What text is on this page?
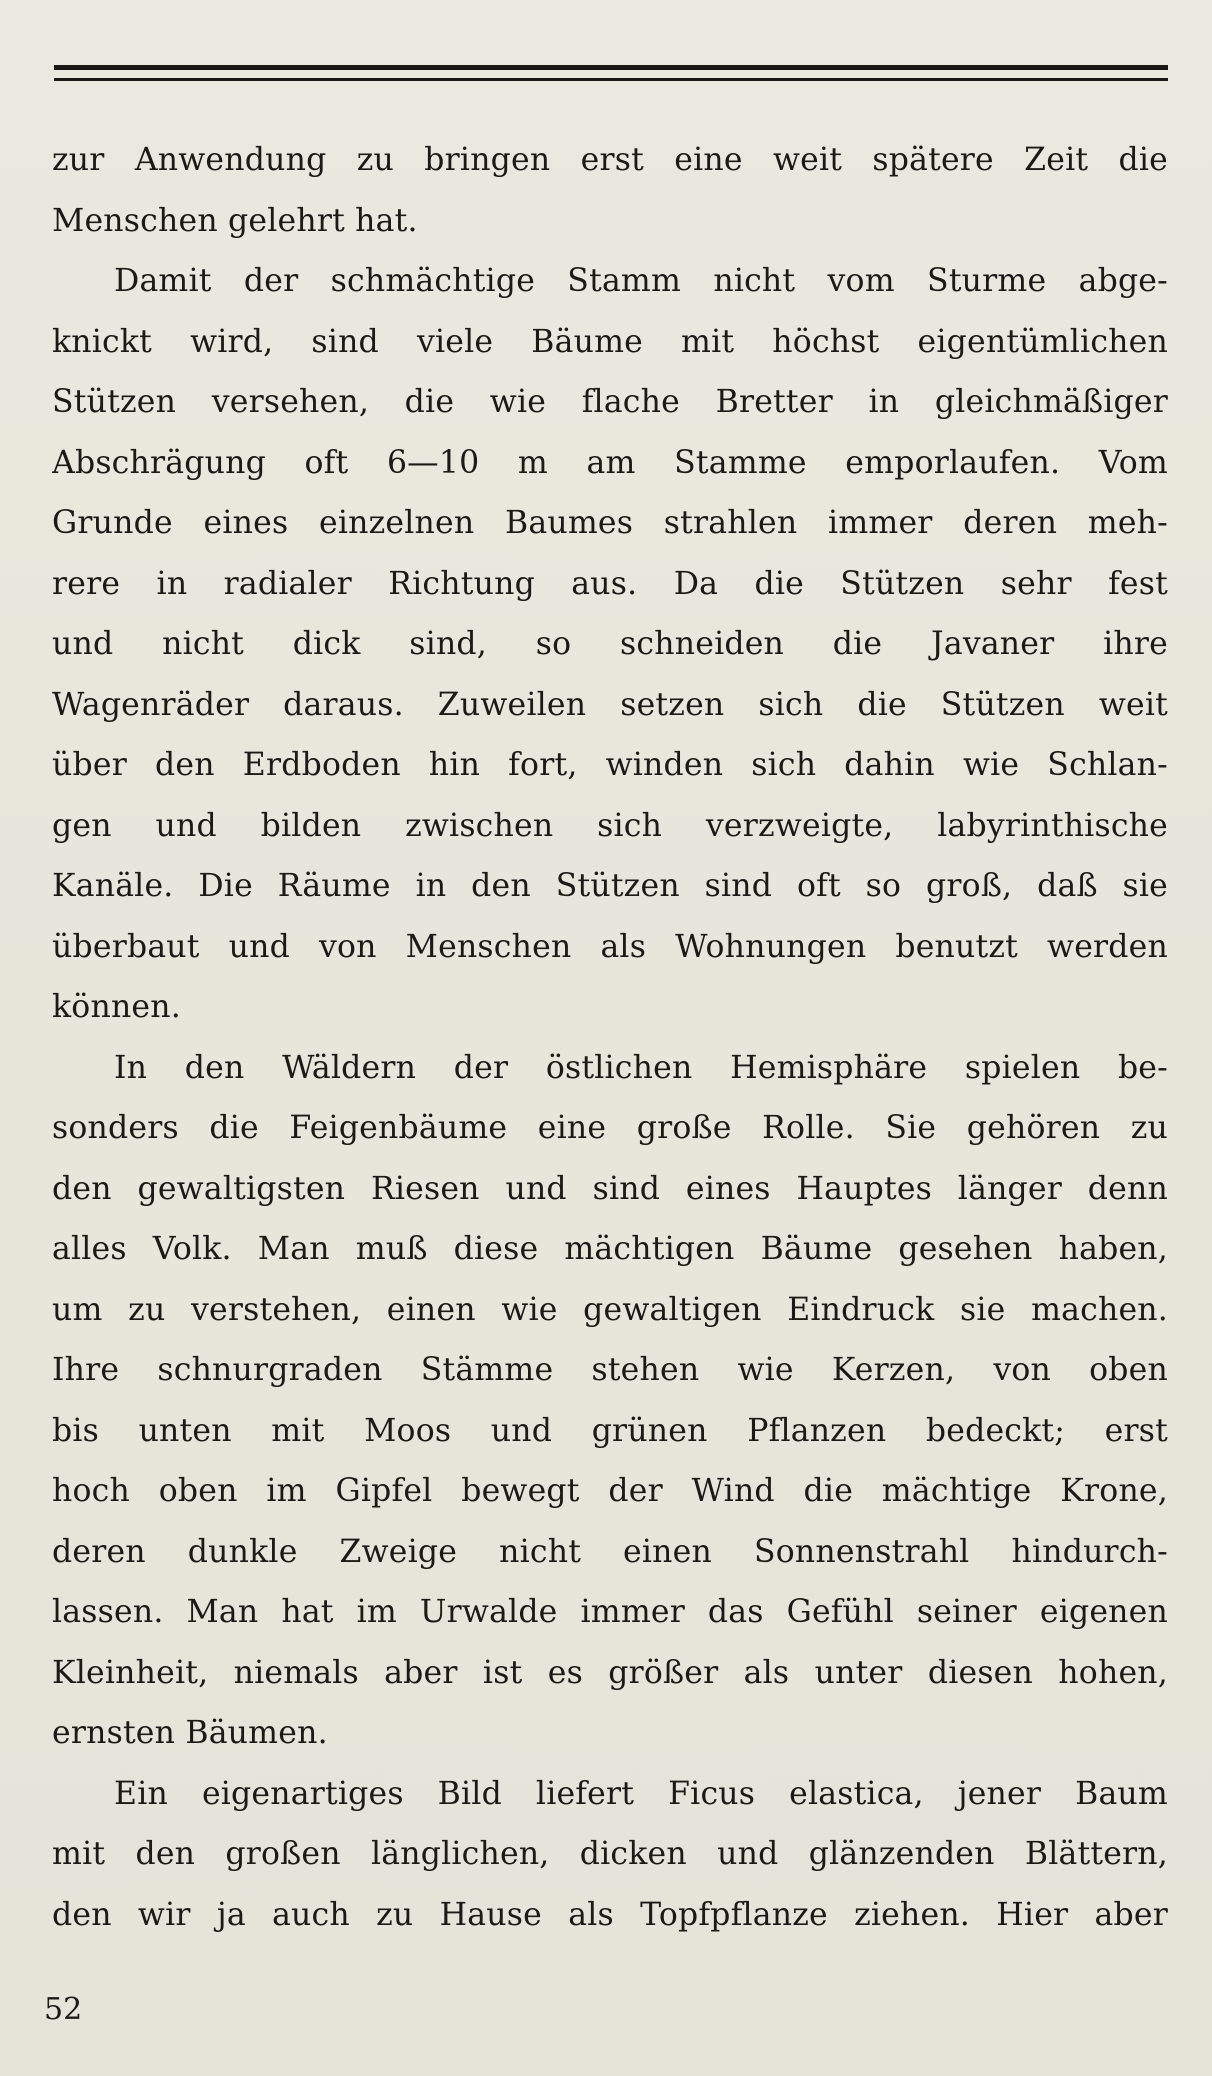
zur Anwendung zu bringen erst eine weit spätere Zeit die
Menschen gelehrt hat.
Damit der schmächtige Stamm nicht vom Sturme abge-
knickt wird, sind viele Bäume mit höchst eigentümlichen
Stützen versehen, die wie flache Bretter in gleichmäßiger
Abschrägung oft 6—10 m am Stamme emporlaufen. Vom
Grunde eines einzelnen Baumes strahlen immer deren meh-
rere in radialer Richtung aus. Da die Stützen sehr fest
und nicht dick sind, so schneiden die Javaner ihre
Wagenräder daraus. Zuweilen setzen sich die Stützen weit
über den Erdboden hin fort, winden sich dahin wie Schlan-
gen und bilden zwischen sich verzweigte, labyrinthische
Kanäle. Die Räume in den Stützen sind oft so groß, daß sie
überbaut und von Menschen als Wohnungen benutzt werden
können.
In den Wäldern der östlichen Hemisphäre spielen be-
sonders die Feigenbäume eine große Rolle. Sie gehören zu
den gewaltigsten Riesen und sind eines Hauptes länger denn
alles Volk. Man muß diese mächtigen Bäume gesehen haben,
um zu verstehen, einen wie gewaltigen Eindruck sie machen.
Ihre schnurgraden Stämme stehen wie Kerzen, von oben
bis unten mit Moos und grünen Pflanzen bedeckt; erst
hoch oben im Gipfel bewegt der Wind die mächtige Krone,
deren dunkle Zweige nicht einen Sonnenstrahl hindurch-
lassen. Man hat im Urwalde immer das Gefühl seiner eigenen
Kleinheit, niemals aber ist es größer als unter diesen hohen,
ernsten Bäumen.
Ein eigenartiges Bild liefert Ficus elastica, jener Baum
mit den großen länglichen, dicken und glänzenden Blättern,
den wir ja auch zu Hause als Topfpflanze ziehen. Hier aber
52
